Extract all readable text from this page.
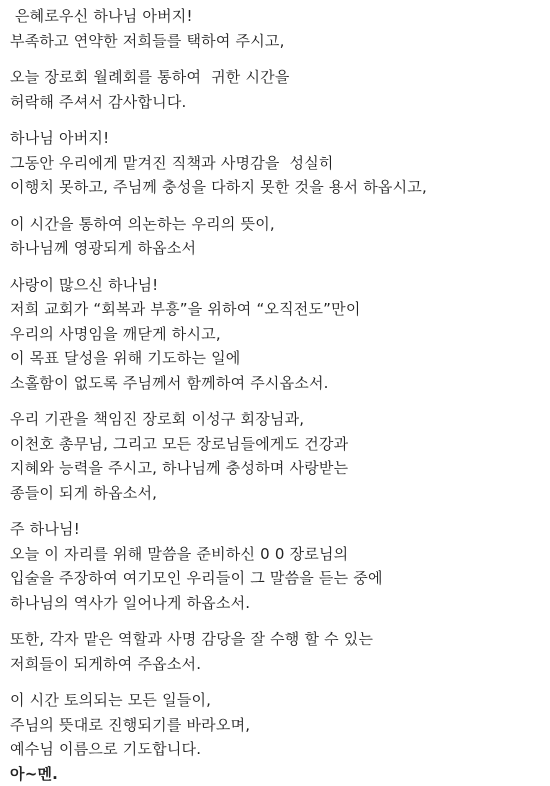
은혜로우신 하나님 아버지!
부족하고 연약한 저희들를 택하여 주시고,
오늘 장로회 월례회를 통하여  귀한 시간을
허락해 주셔서 감사합니다.
하나님 아버지!
그동안 우리에게 맡겨진 직책과 사명감을  성실히
이행치 못하고, 주님께 충성을 다하지 못한 것을 용서 하옵시고,
이 시간을 통하여 의논하는 우리의 뜻이,
하나님께 영광되게 하옵소서
사랑이 많으신 하나님!
저희 교회가 “회복과 부흥”을 위하여 “오직전도”만이
우리의 사명임을 깨닫게 하시고,
이 목표 달성을 위해 기도하는 일에
소홀함이 없도록 주님께서 함께하여 주시옵소서.
우리 기관을 책임진 장로회 이성구 회장님과,
이천호 총무님, 그리고 모든 장로님들에게도 건강과
지혜와 능력을 주시고, 하나님께 충성하며 사랑받는
종들이 되게 하옵소서,
주 하나님!
오늘 이 자리를 위해 말씀을 준비하신 0 0 장로님의
입술을 주장하여 여기모인 우리들이 그 말씀을 듣는 중에
하나님의 역사가 일어나게 하옵소서.
또한, 각자 맡은 역할과 사명 감당을 잘 수행 할 수 있는
저희들이 되게하여 주옵소서.
이 시간 토의되는 모든 일들이,
주님의 뜻대로 진행되기를 바라오며,
예수님 이름으로 기도합니다.
아~멘.
